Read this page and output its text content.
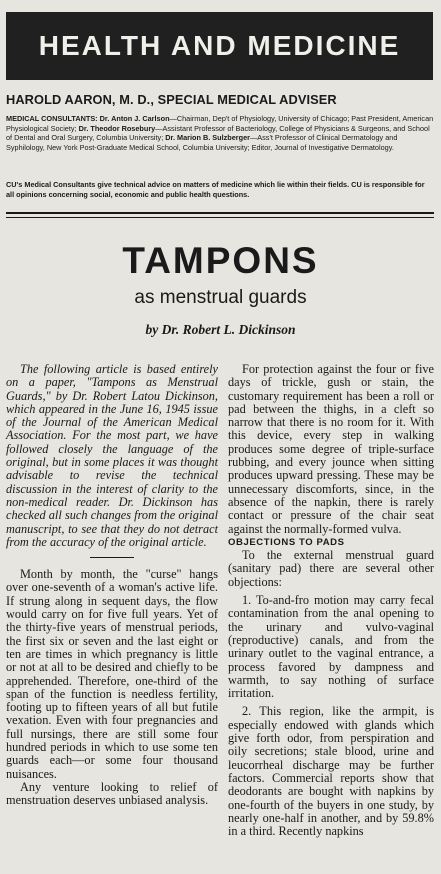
HEALTH AND MEDICINE
HAROLD AARON, M. D., SPECIAL MEDICAL ADVISER
MEDICAL CONSULTANTS: Dr. Anton J. Carlson—Chairman, Dep't of Physiology, University of Chicago; Past President, American Physiological Society; Dr. Theodor Rosebury—Assistant Professor of Bacteriology, College of Physicians & Surgeons, and School of Dental and Oral Surgery, Columbia University; Dr. Marion B. Sulzberger—Ass't Professor of Clinical Dermatology and Syphilology, New York Post-Graduate Medical School, Columbia University; Editor, Journal of Investigative Dermatology.
CU's Medical Consultants give technical advice on matters of medicine which lie within their fields. CU is responsible for all opinions concerning social, economic and public health questions.
TAMPONS
as menstrual guards
by Dr. Robert L. Dickinson

The following article is based entirely on a paper, "Tampons as Menstrual Guards," by Dr. Robert Latou Dickinson, which appeared in the June 16, 1945 issue of the Journal of the American Medical Association. For the most part, we have followed closely the language of the original, but in some places it was thought advisable to revise the technical discussion in the interest of clarity to the non-medical reader. Dr. Dickinson has checked all such changes from the original manuscript, to see that they do not detract from the accuracy of the original article.

Month by month, the "curse" hangs over one-seventh of a woman's active life. If strung along in sequent days, the flow would carry on for five full years. Yet of the thirty-five years of menstrual periods, the first six or seven and the last eight or ten are times in which pregnancy is little or not at all to be desired and chiefly to be apprehended. Therefore, one-third of the span of the function is needless fertility, footing up to fifteen years of all but futile vexation. Even with four pregnancies and full nursings, there are still some four hundred periods in which to use some ten guards each—or some four thousand nuisances.

Any venture looking to relief of menstruation deserves unbiased analysis.

For protection against the four or five days of trickle, gush or stain, the customary requirement has been a roll or pad between the thighs, in a cleft so narrow that there is no room for it. With this device, every step in walking produces some degree of triple-surface rubbing, and every jounce when sitting produces upward pressing. These may be unnecessary discomforts, since, in the absence of the napkin, there is rarely contact or pressure of the chair seat against the normally-formed vulva.

OBJECTIONS TO PADS

To the external menstrual guard (sanitary pad) there are several other objections:

1. To-and-fro motion may carry fecal contamination from the anal opening to the urinary and vulvo-vaginal (reproductive) canals, and from the urinary outlet to the vaginal entrance, a process favored by dampness and warmth, to say nothing of surface irritation.

2. This region, like the armpit, is especially endowed with glands which give forth odor, from perspiration and oily secretions; stale blood, urine and leucorrheal discharge may be further factors. Commercial reports show that deodorants are bought with napkins by one-fourth of the buyers in one study, by nearly one-half in another, and by 59.8% in a third. Recently napkins
